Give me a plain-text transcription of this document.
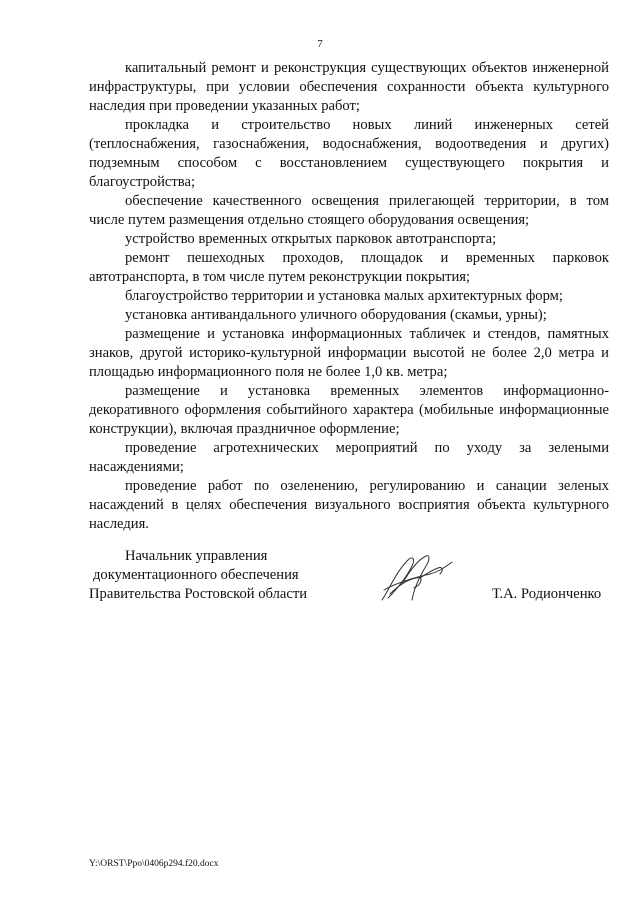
7

капитальный ремонт и реконструкция существующих объектов инженерной инфраструктуры, при условии обеспечения сохранности объекта культурного наследия при проведении указанных работ;

прокладка и строительство новых линий инженерных сетей (теплоснабжения, газоснабжения, водоснабжения, водоотведения и других) подземным способом с восстановлением существующего покрытия и благоустройства;

обеспечение качественного освещения прилегающей территории, в том числе путем размещения отдельно стоящего оборудования освещения;

устройство временных открытых парковок автотранспорта;

ремонт пешеходных проходов, площадок и временных парковок автотранспорта, в том числе путем реконструкции покрытия;

благоустройство территории и установка малых архитектурных форм;

установка антивандального уличного оборудования (скамьи, урны);

размещение и установка информационных табличек и стендов, памятных знаков, другой историко-культурной информации высотой не более 2,0 метра и площадью информационного поля не более 1,0 кв. метра;

размещение и установка временных элементов информационно-декоративного оформления событийного характера (мобильные информационные конструкции), включая праздничное оформление;

проведение агротехнических мероприятий по уходу за зелеными насаждениями;

проведение работ по озеленению, регулированию и санации зеленых насаждений в целях обеспечения визуального восприятия объекта культурного наследия.

Начальник управления
документационного обеспечения
Правительства Ростовской области	Т.А. Родионченко
Y:\ORST\Ppo\0406p294.f20.docx
